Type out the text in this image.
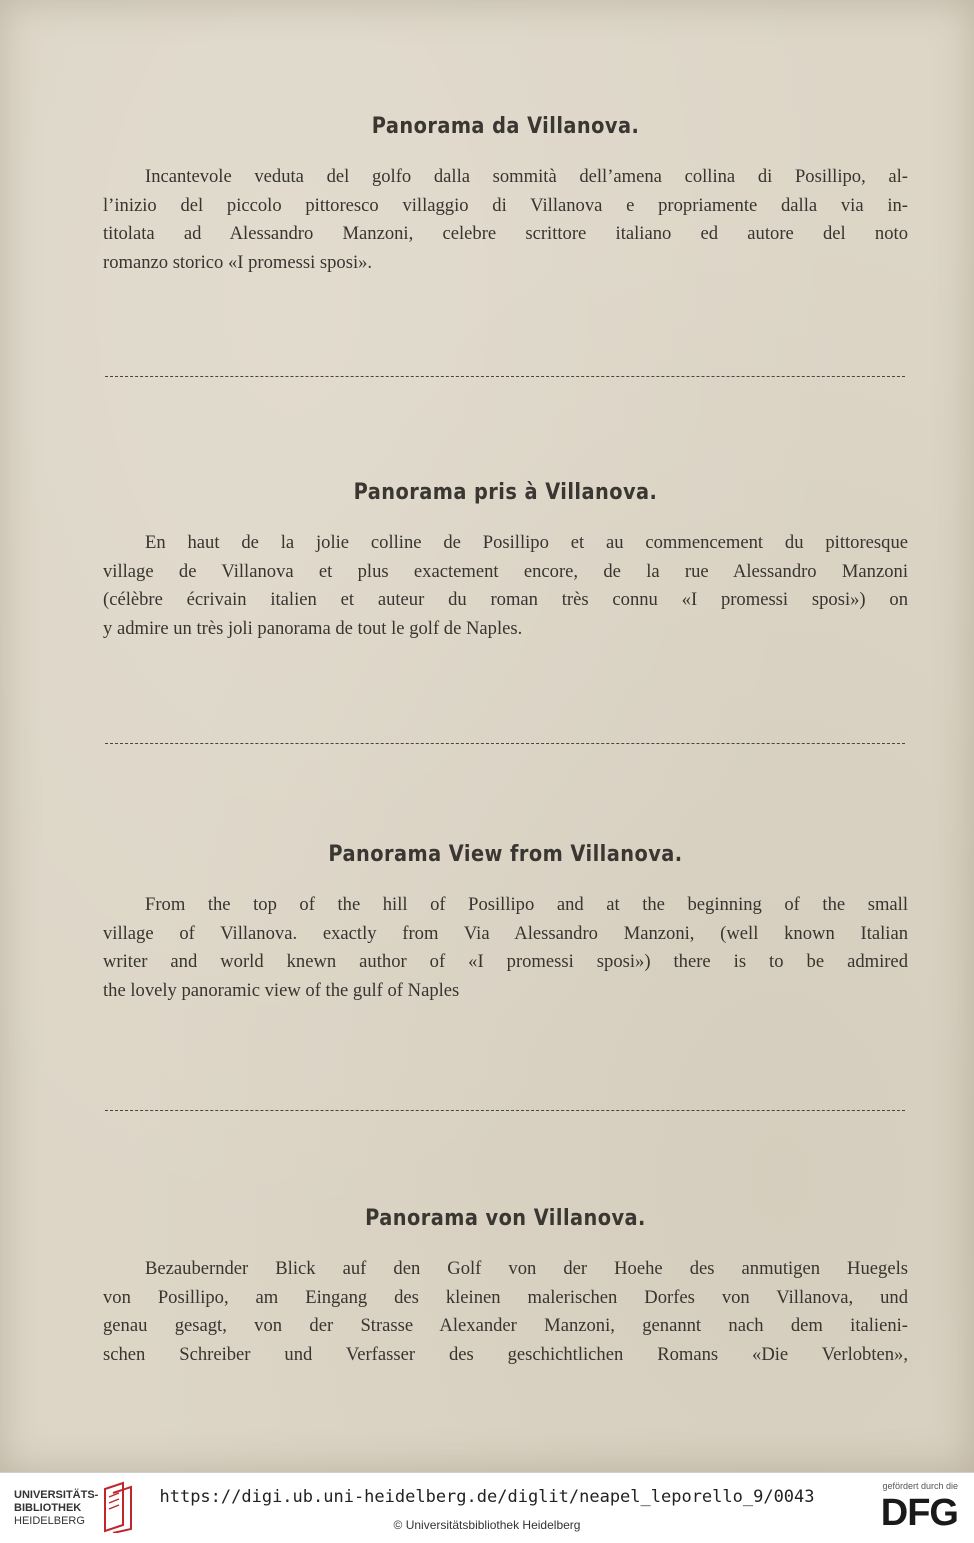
Panorama da Villanova.
Incantevole veduta del golfo dalla sommità dell’amena collina di Posillipo, al-
l’inizio del piccolo pittoresco villaggio di Villanova e propriamente dalla via in-
titolata ad Alessandro Manzoni, celebre scrittore italiano ed autore del noto
romanzo storico «I promessi sposi».
Panorama pris à Villanova.
En haut de la jolie colline de Posillipo et au commencement du pittoresque
village de Villanova et plus exactement encore, de la rue Alessandro Manzoni
(célèbre écrivain italien et auteur du roman très connu «I promessi sposi») on
y admire un très joli panorama de tout le golf de Naples.
Panorama View from Villanova.
From the top of the hill of Posillipo and at the beginning of the small
village of Villanova. exactly from Via Alessandro Manzoni, (well known Italian
writer and world knewn author of «I promessi sposi») there is to be admired
the lovely panoramic view of the gulf of Naples
Panorama von Villanova.
Bezaubernder Blick auf den Golf von der Hoehe des anmutigen Huegels
von Posillipo, am Eingang des kleinen malerischen Dorfes von Villanova, und
genau gesagt, von der Strasse Alexander Manzoni, genannt nach dem italieni-
schen Schreiber und Verfasser des geschichtlichen Romans «Die Verlobten»,
UNIVERSITÄTS-
BIBLIOTHEK
HEIDELBERG
https://digi.ub.uni-heidelberg.de/diglit/neapel_leporello_9/0043
© Universitätsbibliothek Heidelberg
gefördert durch die
DFG
